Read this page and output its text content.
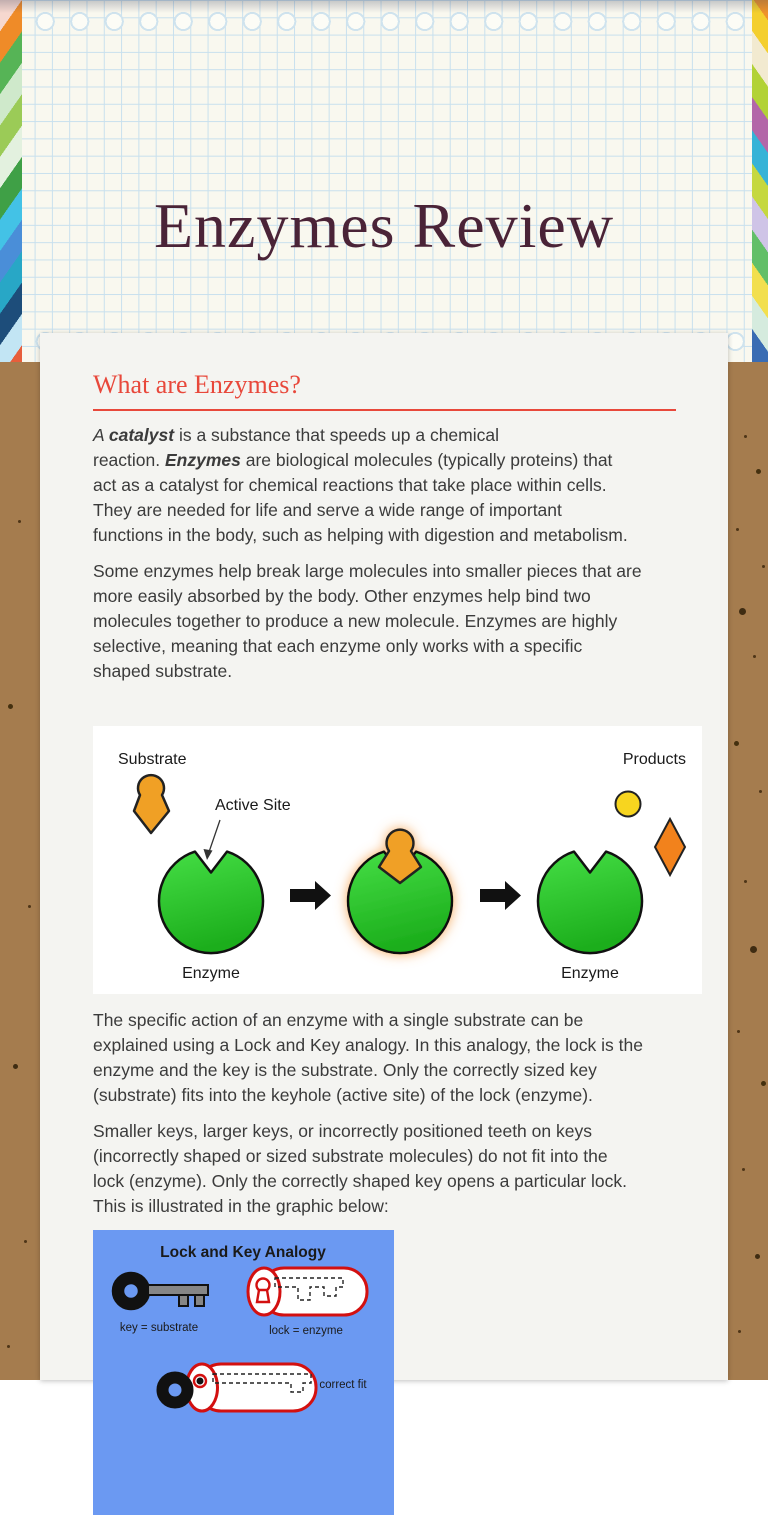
Enzymes Review
What are Enzymes?

A catalyst is a substance that speeds up a chemical
reaction. Enzymes are biological molecules (typically proteins) that
act as a catalyst for chemical reactions that take place within cells.
They are needed for life and serve a wide range of important
functions in the body, such as helping with digestion and metabolism.

Some enzymes help break large molecules into smaller pieces that are
more easily absorbed by the body. Other enzymes help bind two
molecules together to produce a new molecule. Enzymes are highly
selective, meaning that each enzyme only works with a specific
shaped substrate.

Substrate	Products
Active Site
Enzyme	Enzyme

The specific action of an enzyme with a single substrate can be
explained using a Lock and Key analogy. In this analogy, the lock is the
enzyme and the key is the substrate. Only the correctly sized key
(substrate) fits into the keyhole (active site) of the lock (enzyme).

Smaller keys, larger keys, or incorrectly positioned teeth on keys
(incorrectly shaped or sized substrate molecules) do not fit into the
lock (enzyme). Only the correctly shaped key opens a particular lock.
This is illustrated in the graphic below:

Lock and Key Analogy
key = substrate	lock = enzyme
correct fit
